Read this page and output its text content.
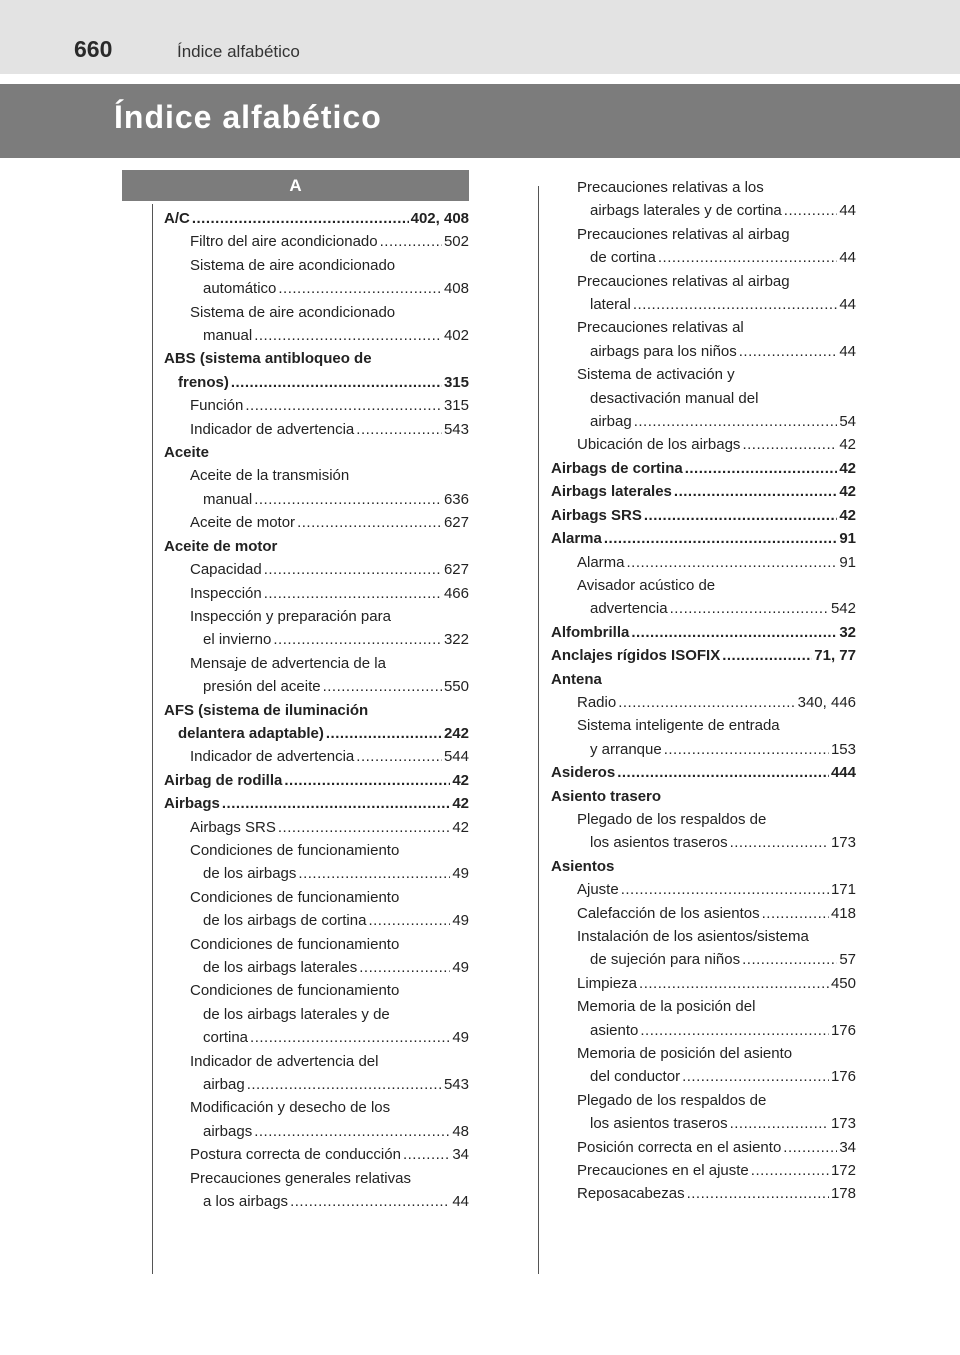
660	Índice alfabético
Índice alfabético
A
A/C .....	402, 408
Filtro del aire acondicionado .....	502
Sistema de aire acondicionado
automático .....	408
Sistema de aire acondicionado
manual .....	402
ABS (sistema antibloqueo de
frenos) .....	315
Función .....	315
Indicador de advertencia .....	543
Aceite
Aceite de la transmisión
manual .....	636
Aceite de motor .....	627
Aceite de motor
Capacidad .....	627
Inspección .....	466
Inspección y preparación para
el invierno .....	322
Mensaje de advertencia de la
presión del aceite .....	550
AFS (sistema de iluminación
delantera adaptable) .....	242
Indicador de advertencia .....	544
Airbag de rodilla .....	42
Airbags .....	42
Airbags SRS .....	42
Condiciones de funcionamiento
de los airbags .....	49
Condiciones de funcionamiento
de los airbags de cortina .....	49
Condiciones de funcionamiento
de los airbags laterales .....	49
Condiciones de funcionamiento
de los airbags laterales y de
cortina .....	49
Indicador de advertencia del
airbag .....	543
Modificación y desecho de los
airbags .....	48
Postura correcta de conducción .....	34
Precauciones generales relativas
a los airbags .....	44
Precauciones relativas a los
airbags laterales y de cortina .....	44
Precauciones relativas al airbag
de cortina .....	44
Precauciones relativas al airbag
lateral .....	44
Precauciones relativas al
airbags para los niños .....	44
Sistema de activación y
desactivación manual del
airbag .....	54
Ubicación de los airbags .....	42
Airbags de cortina .....	42
Airbags laterales .....	42
Airbags SRS .....	42
Alarma .....	91
Alarma .....	91
Avisador acústico de
advertencia .....	542
Alfombrilla .....	32
Anclajes rígidos ISOFIX .....	71, 77
Antena
Radio .....	340, 446
Sistema inteligente de entrada
y arranque .....	153
Asideros .....	444
Asiento trasero
Plegado de los respaldos de
los asientos traseros .....	173
Asientos
Ajuste .....	171
Calefacción de los asientos .....	418
Instalación de los asientos/sistema
de sujeción para niños .....	57
Limpieza .....	450
Memoria de la posición del
asiento .....	176
Memoria de posición del asiento
del conductor .....	176
Plegado de los respaldos de
los asientos traseros .....	173
Posición correcta en el asiento .....	34
Precauciones en el ajuste .....	172
Reposacabezas .....	178
